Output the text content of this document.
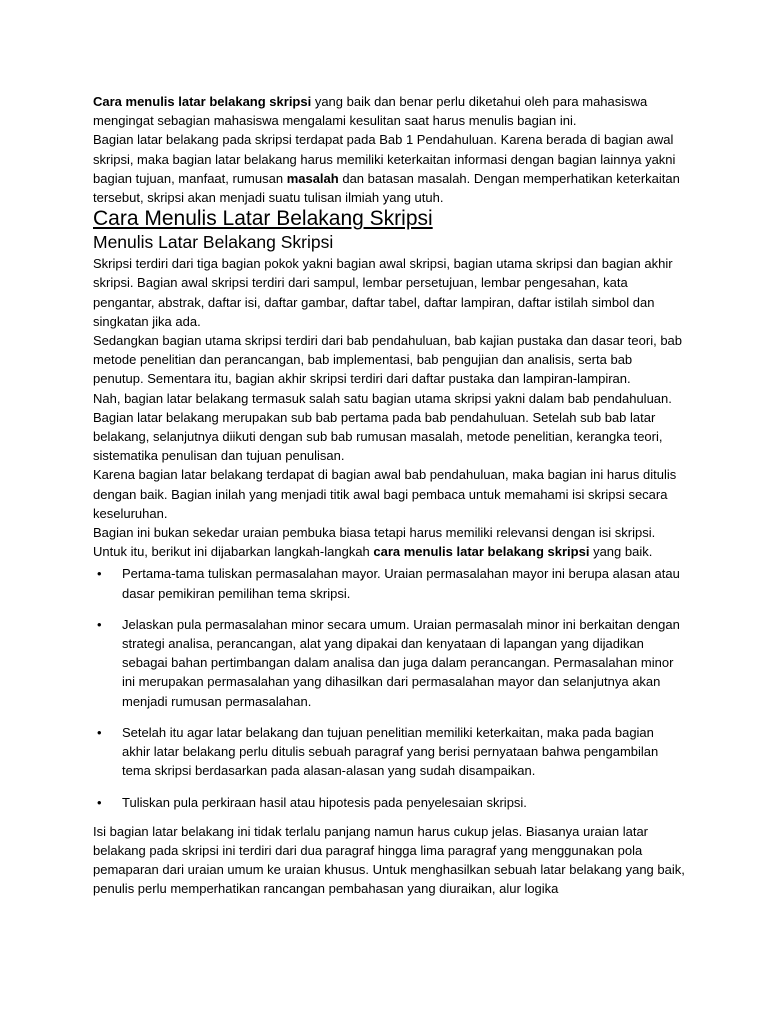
Cara menulis latar belakang skripsi yang baik dan benar perlu diketahui oleh para mahasiswa mengingat sebagian mahasiswa mengalami kesulitan saat harus menulis bagian ini.

Bagian latar belakang pada skripsi terdapat pada Bab 1 Pendahuluan. Karena berada di bagian awal skripsi, maka bagian latar belakang harus memiliki keterkaitan informasi dengan bagian lainnya yakni bagian tujuan, manfaat, rumusan masalah dan batasan masalah. Dengan memperhatikan keterkaitan tersebut, skripsi akan menjadi suatu tulisan ilmiah yang utuh.

Cara Menulis Latar Belakang Skripsi
Menulis Latar Belakang Skripsi

Skripsi terdiri dari tiga bagian pokok yakni bagian awal skripsi, bagian utama skripsi dan bagian akhir skripsi. Bagian awal skripsi terdiri dari sampul, lembar persetujuan, lembar pengesahan, kata pengantar, abstrak, daftar isi, daftar gambar, daftar tabel, daftar lampiran, daftar istilah simbol dan singkatan jika ada.

Sedangkan bagian utama skripsi terdiri dari bab pendahuluan, bab kajian pustaka dan dasar teori, bab metode penelitian dan perancangan, bab implementasi, bab pengujian dan analisis, serta bab penutup. Sementara itu, bagian akhir skripsi terdiri dari daftar pustaka dan lampiran-lampiran.

Nah, bagian latar belakang termasuk salah satu bagian utama skripsi yakni dalam bab pendahuluan. Bagian latar belakang merupakan sub bab pertama pada bab pendahuluan. Setelah sub bab latar belakang, selanjutnya diikuti dengan sub bab rumusan masalah, metode penelitian, kerangka teori, sistematika penulisan dan tujuan penulisan.

Karena bagian latar belakang terdapat di bagian awal bab pendahuluan, maka bagian ini harus ditulis dengan baik. Bagian inilah yang menjadi titik awal bagi pembaca untuk memahami isi skripsi secara keseluruhan.

Bagian ini bukan sekedar uraian pembuka biasa tetapi harus memiliki relevansi dengan isi skripsi. Untuk itu, berikut ini dijabarkan langkah-langkah cara menulis latar belakang skripsi yang baik.

• Pertama-tama tuliskan permasalahan mayor. Uraian permasalahan mayor ini berupa alasan atau dasar pemikiran pemilihan tema skripsi.
• Jelaskan pula permasalahan minor secara umum. Uraian permasalah minor ini berkaitan dengan strategi analisa, perancangan, alat yang dipakai dan kenyataan di lapangan yang dijadikan sebagai bahan pertimbangan dalam analisa dan juga dalam perancangan. Permasalahan minor ini merupakan permasalahan yang dihasilkan dari permasalahan mayor dan selanjutnya akan menjadi rumusan permasalahan.
• Setelah itu agar latar belakang dan tujuan penelitian memiliki keterkaitan, maka pada bagian akhir latar belakang perlu ditulis sebuah paragraf yang berisi pernyataan bahwa pengambilan tema skripsi berdasarkan pada alasan-alasan yang sudah disampaikan.
• Tuliskan pula perkiraan hasil atau hipotesis pada penyelesaian skripsi.

Isi bagian latar belakang ini tidak terlalu panjang namun harus cukup jelas. Biasanya uraian latar belakang pada skripsi ini terdiri dari dua paragraf hingga lima paragraf yang menggunakan pola pemaparan dari uraian umum ke uraian khusus. Untuk menghasilkan sebuah latar belakang yang baik, penulis perlu memperhatikan rancangan pembahasan yang diuraikan, alur logika
